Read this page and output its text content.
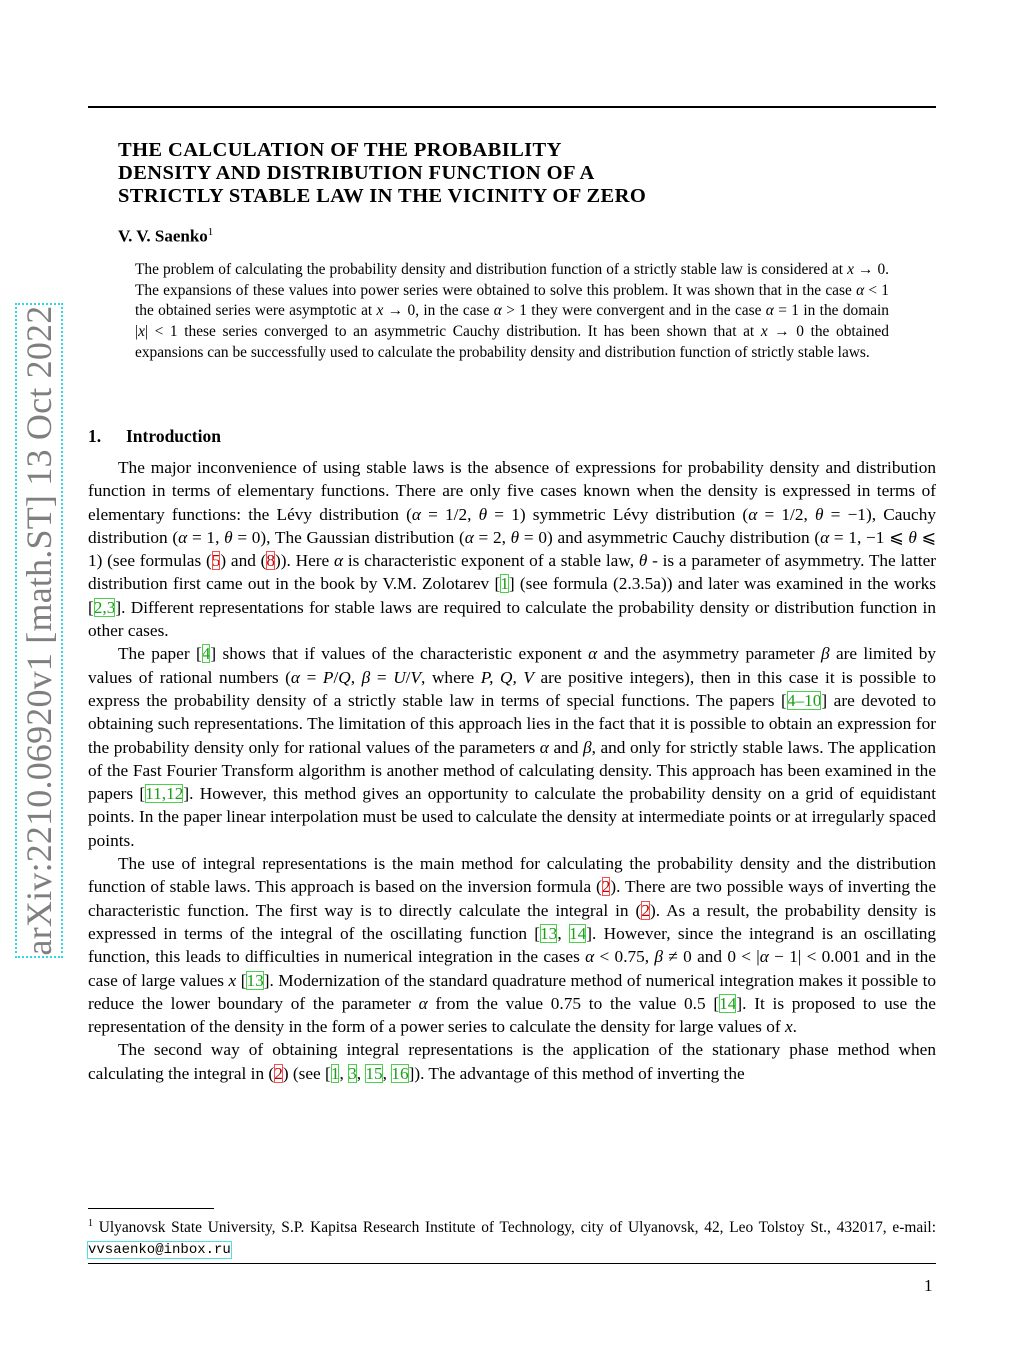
arXiv:2210.06920v1 [math.ST] 13 Oct 2022
THE CALCULATION OF THE PROBABILITY
DENSITY AND DISTRIBUTION FUNCTION OF A
STRICTLY STABLE LAW IN THE VICINITY OF ZERO
V. V. Saenko$^1$
The problem of calculating the probability density and distribution function of a strictly stable law is considered at x → 0. The expansions of these values into power series were obtained to solve this problem. It was shown that in the case α < 1 the obtained series were asymptotic at x → 0, in the case α > 1 they were convergent and in the case α = 1 in the domain |x| < 1 these series converged to an asymmetric Cauchy distribution. It has been shown that at x → 0 the obtained expansions can be successfully used to calculate the probability density and distribution function of strictly stable laws.
1. Introduction

The major inconvenience of using stable laws is the absence of expressions for probability density and distribution function in terms of elementary functions. There are only five cases known when the density is expressed in terms of elementary functions: the Lévy distribution (α = 1/2, θ = 1) symmetric Lévy distribution (α = 1/2, θ = −1), Cauchy distribution (α = 1, θ = 0), The Gaussian distribution (α = 2, θ = 0) and asymmetric Cauchy distribution (α = 1, −1 ⩽ θ ⩽ 1) (see formulas (5) and (8)). Here α is characteristic exponent of a stable law, θ - is a parameter of asymmetry. The latter distribution first came out in the book by V.M. Zolotarev [1] (see formula (2.3.5a)) and later was examined in the works [2,3]. Different representations for stable laws are required to calculate the probability density or distribution function in other cases.

The paper [4] shows that if values of the characteristic exponent α and the asymmetry parameter β are limited by values of rational numbers (α = P/Q, β = U/V, where P, Q, V are positive integers), then in this case it is possible to express the probability density of a strictly stable law in terms of special functions. The papers [4–10] are devoted to obtaining such representations. The limitation of this approach lies in the fact that it is possible to obtain an expression for the probability density only for rational values of the parameters α and β, and only for strictly stable laws. The application of the Fast Fourier Transform algorithm is another method of calculating density. This approach has been examined in the papers [11,12]. However, this method gives an opportunity to calculate the probability density on a grid of equidistant points. In the paper linear interpolation must be used to calculate the density at intermediate points or at irregularly spaced points.

The use of integral representations is the main method for calculating the probability density and the distribution function of stable laws. This approach is based on the inversion formula (2). There are two possible ways of inverting the characteristic function. The first way is to directly calculate the integral in (2). As a result, the probability density is expressed in terms of the integral of the oscillating function [13, 14]. However, since the integrand is an oscillating function, this leads to difficulties in numerical integration in the cases α < 0.75, β ≠ 0 and 0 < |α − 1| < 0.001 and in the case of large values x [13]. Modernization of the standard quadrature method of numerical integration makes it possible to reduce the lower boundary of the parameter α from the value 0.75 to the value 0.5 [14]. It is proposed to use the representation of the density in the form of a power series to calculate the density for large values of x.

The second way of obtaining integral representations is the application of the stationary phase method when calculating the integral in (2) (see [1, 3, 15, 16]). The advantage of this method of inverting the

$^1$ Ulyanovsk State University, S.P. Kapitsa Research Institute of Technology, city of Ulyanovsk, 42, Leo Tolstoy St., 432017, e-mail: vvsaenko@inbox.ru
1
